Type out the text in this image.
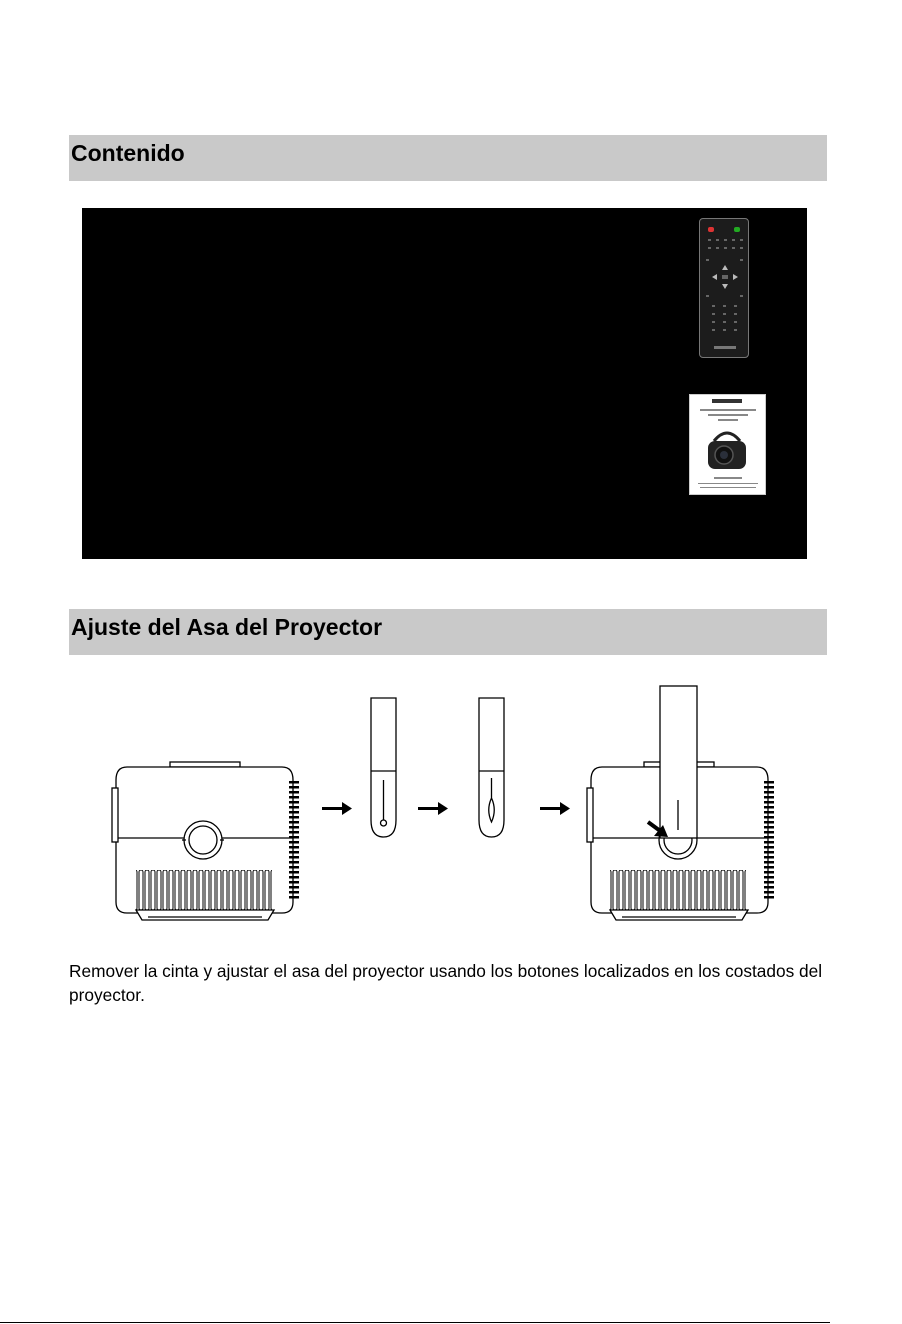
Contenido
Ajuste del Asa del Proyector

Remover la cinta y ajustar el asa del proyector usando los botones localizados en los costados del proyector.
